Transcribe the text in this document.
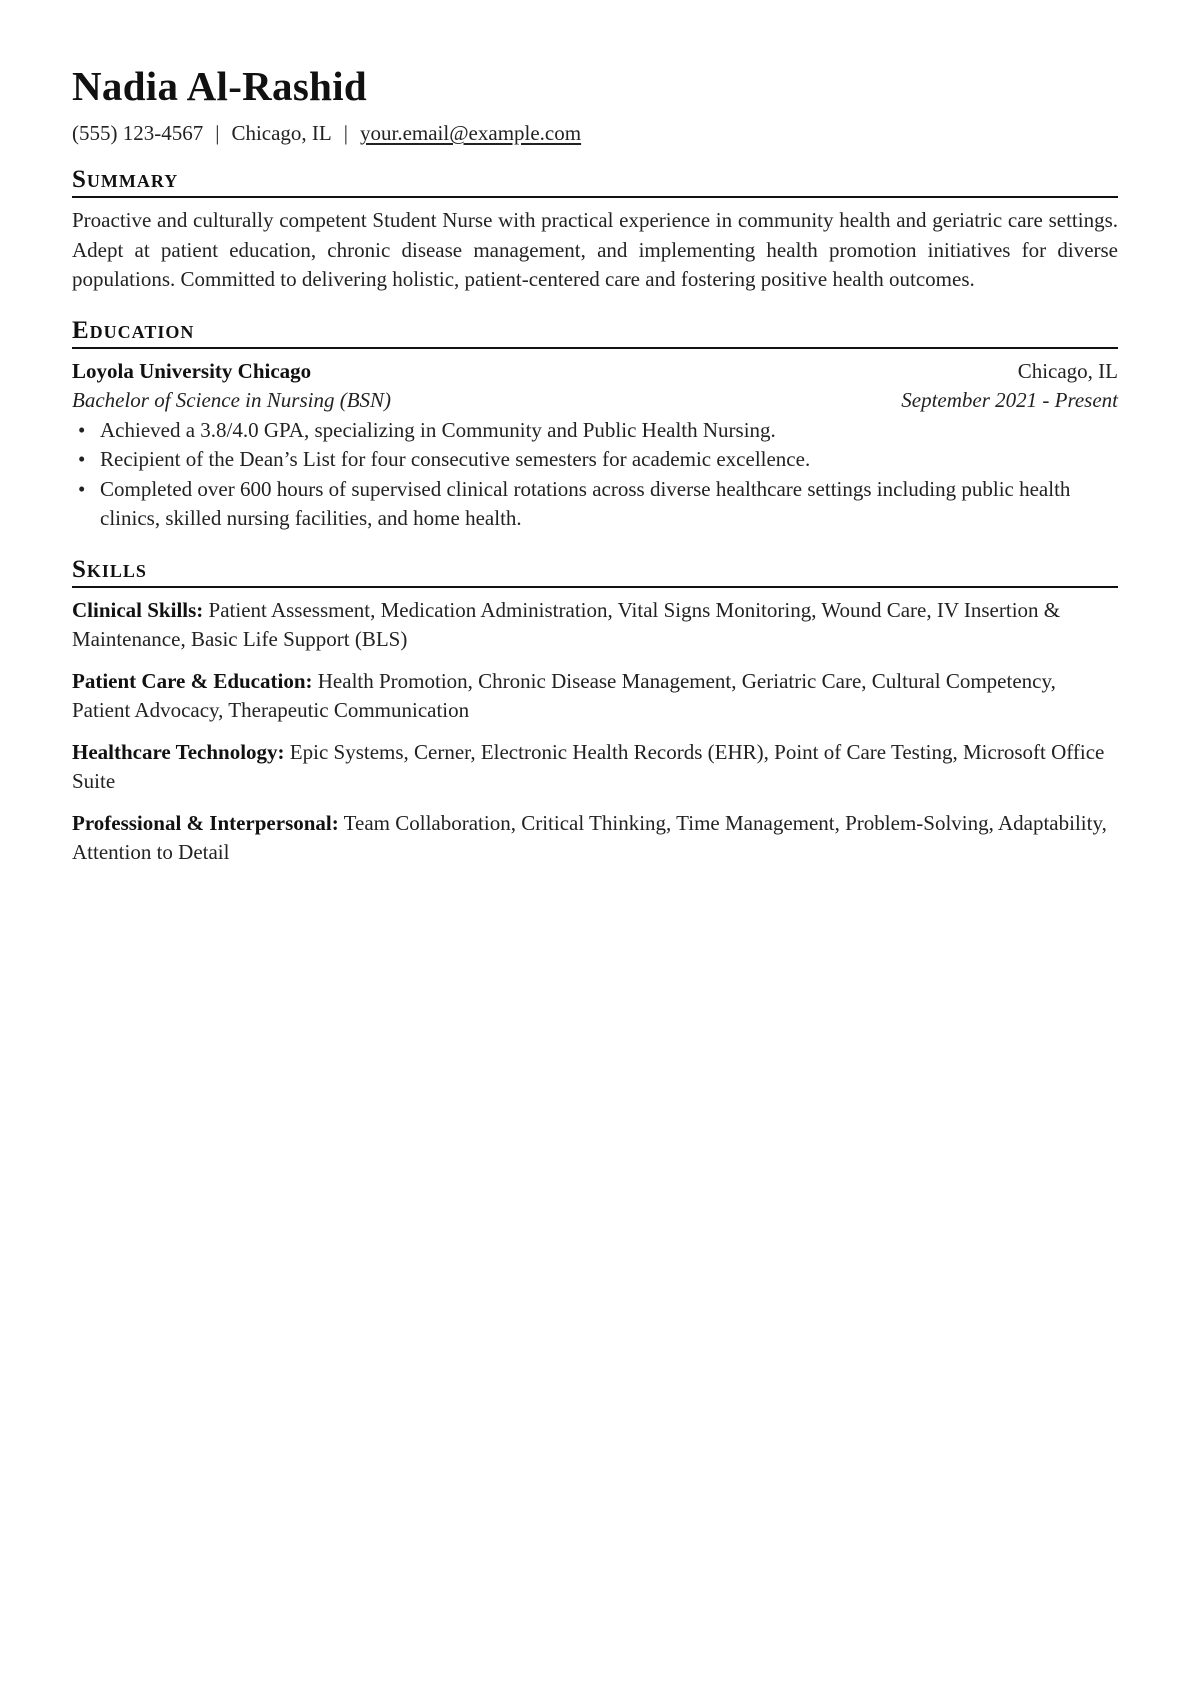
Nadia Al-Rashid
(555) 123-4567 | Chicago, IL | your.email@example.com
Summary
Proactive and culturally competent Student Nurse with practical experience in community health and geriatric care settings. Adept at patient education, chronic disease management, and implementing health promotion initiatives for diverse populations. Committed to delivering holistic, patient-centered care and fostering positive health outcomes.
Education
Loyola University Chicago	Chicago, IL
Bachelor of Science in Nursing (BSN)	September 2021 - Present
• Achieved a 3.8/4.0 GPA, specializing in Community and Public Health Nursing.
• Recipient of the Dean’s List for four consecutive semesters for academic excellence.
• Completed over 600 hours of supervised clinical rotations across diverse healthcare settings including public health clinics, skilled nursing facilities, and home health.
Skills
Clinical Skills: Patient Assessment, Medication Administration, Vital Signs Monitoring, Wound Care, IV Insertion & Maintenance, Basic Life Support (BLS)
Patient Care & Education: Health Promotion, Chronic Disease Management, Geriatric Care, Cultural Competency, Patient Advocacy, Therapeutic Communication
Healthcare Technology: Epic Systems, Cerner, Electronic Health Records (EHR), Point of Care Testing, Microsoft Office Suite
Professional & Interpersonal: Team Collaboration, Critical Thinking, Time Management, Problem-Solving, Adaptability, Attention to Detail
